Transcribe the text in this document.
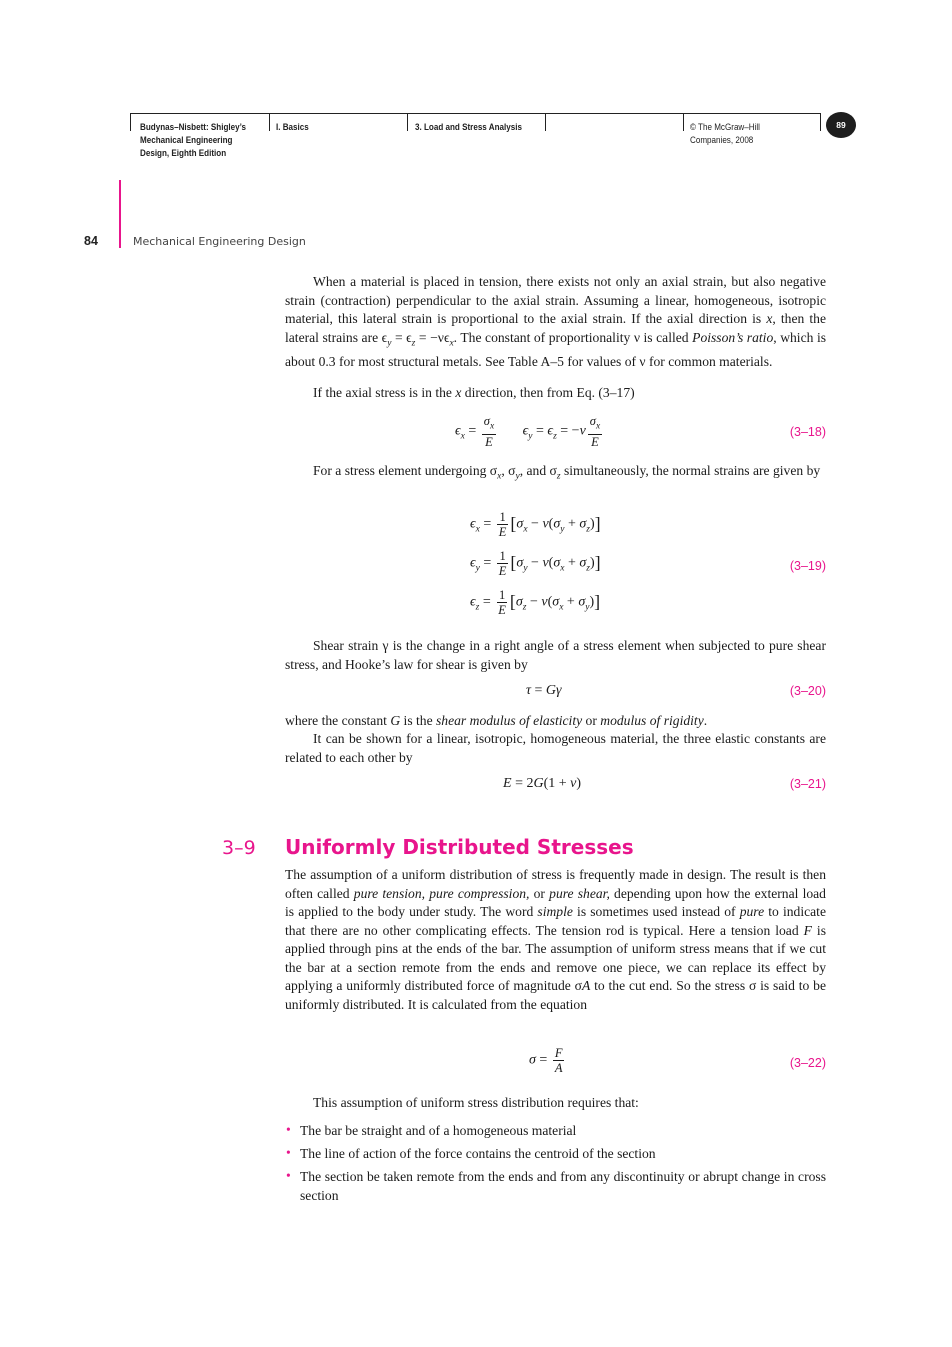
Budynas–Nisbett: Shigley’s
Mechanical Engineering
Design, Eighth Edition
I. Basics	3. Load and Stress Analysis	© The McGraw–Hill
Companies, 2008
89
84	Mechanical Engineering Design
When a material is placed in tension, there exists not only an axial strain, but also negative strain (contraction) perpendicular to the axial strain. Assuming a linear, homogeneous, isotropic material, this lateral strain is proportional to the axial strain. If the axial direction is x, then the lateral strains are $\epsilon_y = \epsilon_z = -\nu\epsilon_x$. The constant of proportionality ν is called Poisson’s ratio, which is about 0.3 for most structural metals. See Table A–5 for values of ν for common materials.
If the axial stress is in the x direction, then from Eq. (3–17)
$\epsilon_x = \frac{\sigma_x}{E} \epsilon_y = \epsilon_z = -\nu \frac{\sigma_x}{E}$	(3–18)
For a stress element undergoing $\sigma_x$, $\sigma_y$, and $\sigma_z$ simultaneously, the normal strains are given by
$\epsilon_x = \frac{1}{E} [\sigma_x - \nu(\sigma_y + \sigma_z)]$
$\epsilon_y = \frac{1}{E} [\sigma_y - \nu(\sigma_x + \sigma_z)]$
$\epsilon_z = \frac{1}{E} [\sigma_z - \nu(\sigma_x + \sigma_y)]$
(3–19)
Shear strain γ is the change in a right angle of a stress element when subjected to pure shear stress, and Hooke’s law for shear is given by
τ = Gγ	(3–20)
where the constant G is the shear modulus of elasticity or modulus of rigidity.
It can be shown for a linear, isotropic, homogeneous material, the three elastic constants are related to each other by
E = 2G(1 + ν)	(3–21)
3–9 Uniformly Distributed Stresses
The assumption of a uniform distribution of stress is frequently made in design. The result is then often called pure tension, pure compression, or pure shear, depending upon how the external load is applied to the body under study. The word simple is sometimes used instead of pure to indicate that there are no other complicating effects. The tension rod is typical. Here a tension load F is applied through pins at the ends of the bar. The assumption of uniform stress means that if we cut the bar at a section remote from the ends and remove one piece, we can replace its effect by applying a uniformly distributed force of magnitude σA to the cut end. So the stress σ is said to be uniformly distributed. It is calculated from the equation
$\sigma = \frac{F}{A}$	(3–22)
This assumption of uniform stress distribution requires that:
• The bar be straight and of a homogeneous material
• The line of action of the force contains the centroid of the section
• The section be taken remote from the ends and from any discontinuity or abrupt change in cross section
